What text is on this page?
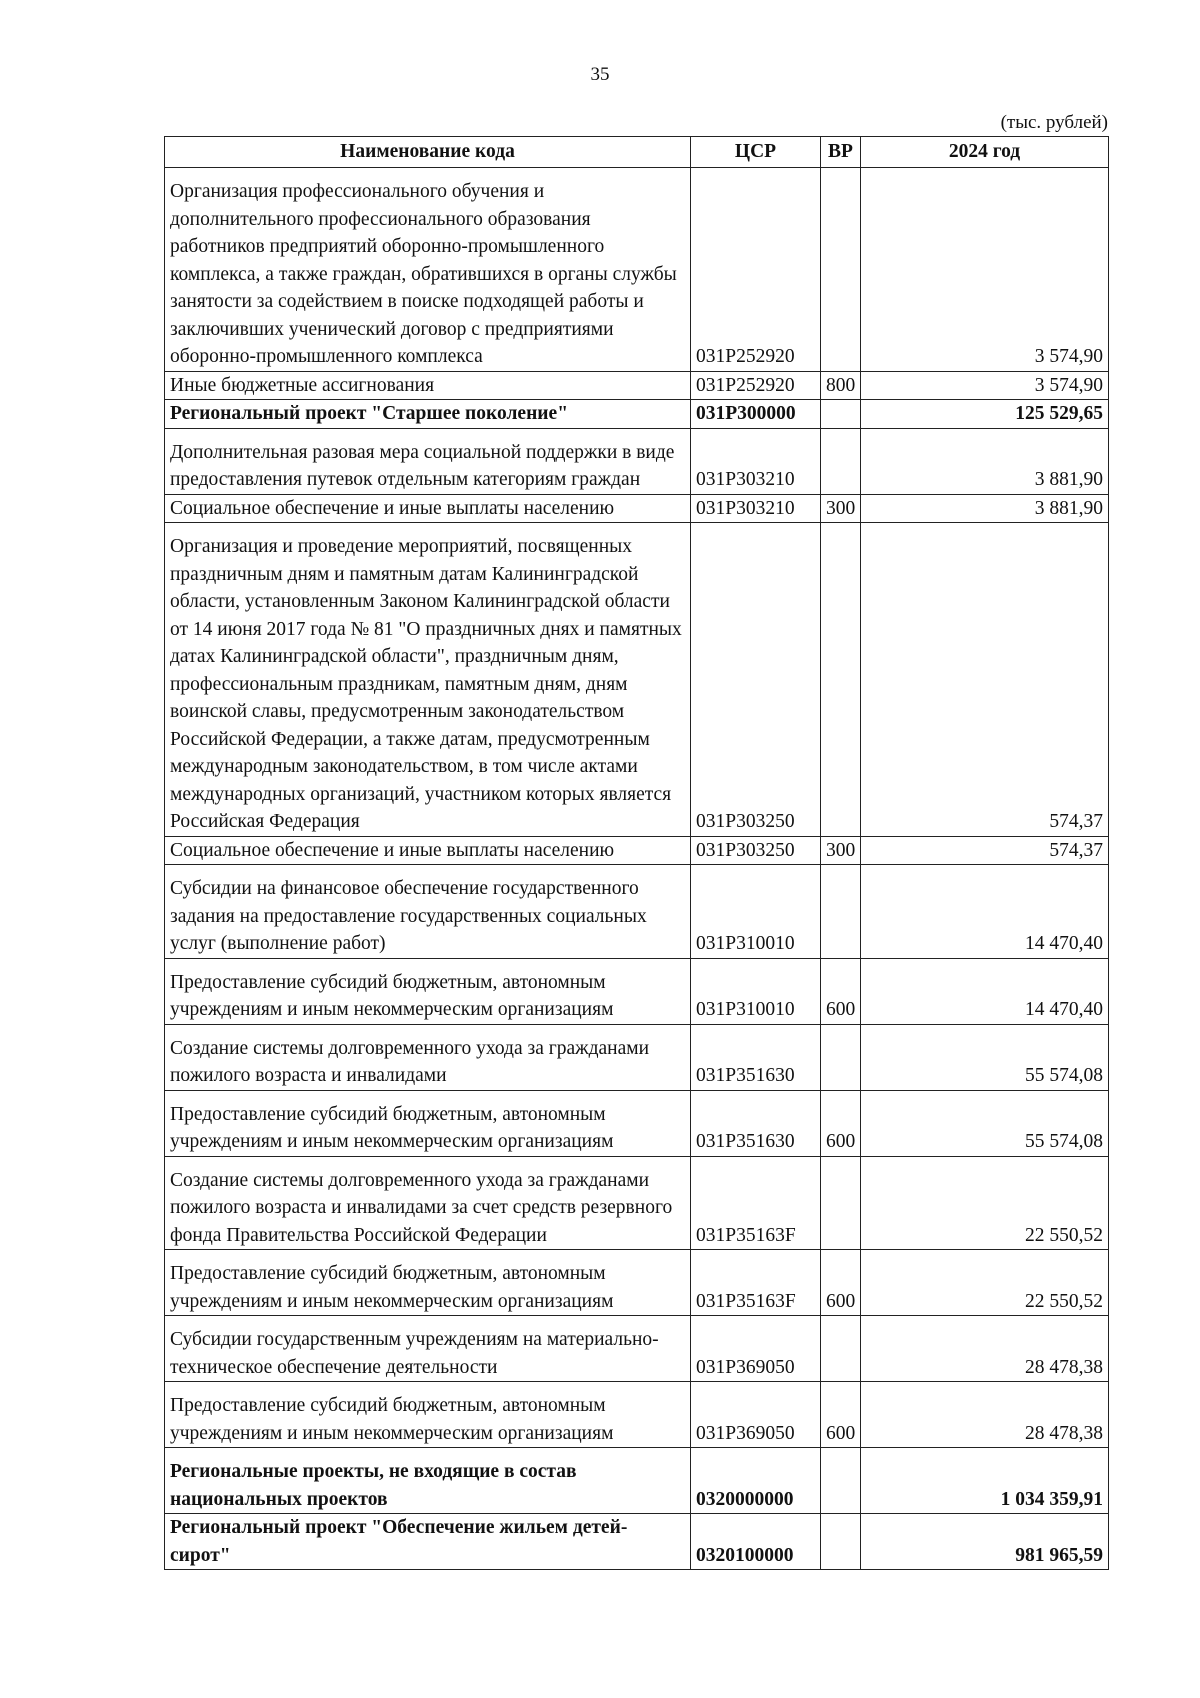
35
(тыс. рублей)
Наименование кода	ЦСР	ВР	2024 год
Организация профессионального обучения и дополнительного профессионального образования работников предприятий оборонно-промышленного комплекса, а также граждан, обратившихся в органы службы занятости за содействием в поиске подходящей работы и заключивших ученический договор с предприятиями оборонно-промышленного комплекса	031P252920		3 574,90
Иные бюджетные ассигнования	031P252920	800	3 574,90
Региональный проект "Старшее поколение"	031P300000		125 529,65
Дополнительная разовая мера социальной поддержки в виде предоставления путевок отдельным категориям граждан	031P303210		3 881,90
Социальное обеспечение и иные выплаты населению	031P303210	300	3 881,90
Организация и проведение мероприятий, посвященных праздничным дням и памятным датам Калининградской области, установленным Законом Калининградской области от 14 июня 2017 года № 81 "О праздничных днях и памятных датах Калининградской области", праздничным дням, профессиональным праздникам, памятным дням, дням воинской славы, предусмотренным законодательством Российской Федерации, а также датам, предусмотренным международным законодательством, в том числе актами международных организаций, участником которых является Российская Федерация	031P303250		574,37
Социальное обеспечение и иные выплаты населению	031P303250	300	574,37
Субсидии на финансовое обеспечение государственного задания на предоставление государственных социальных услуг (выполнение работ)	031P310010		14 470,40
Предоставление субсидий бюджетным, автономным учреждениям и иным некоммерческим организациям	031P310010	600	14 470,40
Создание системы долговременного ухода за гражданами пожилого возраста и инвалидами	031P351630		55 574,08
Предоставление субсидий бюджетным, автономным учреждениям и иным некоммерческим организациям	031P351630	600	55 574,08
Создание системы долговременного ухода за гражданами пожилого возраста и инвалидами за счет средств резервного фонда Правительства Российской Федерации	031P35163F		22 550,52
Предоставление субсидий бюджетным, автономным учреждениям и иным некоммерческим организациям	031P35163F	600	22 550,52
Субсидии государственным учреждениям на материально-техническое обеспечение деятельности	031P369050		28 478,38
Предоставление субсидий бюджетным, автономным учреждениям и иным некоммерческим организациям	031P369050	600	28 478,38
Региональные проекты, не входящие в состав национальных проектов	0320000000		1 034 359,91
Региональный проект "Обеспечение жильем детей-сирот"	0320100000		981 965,59
